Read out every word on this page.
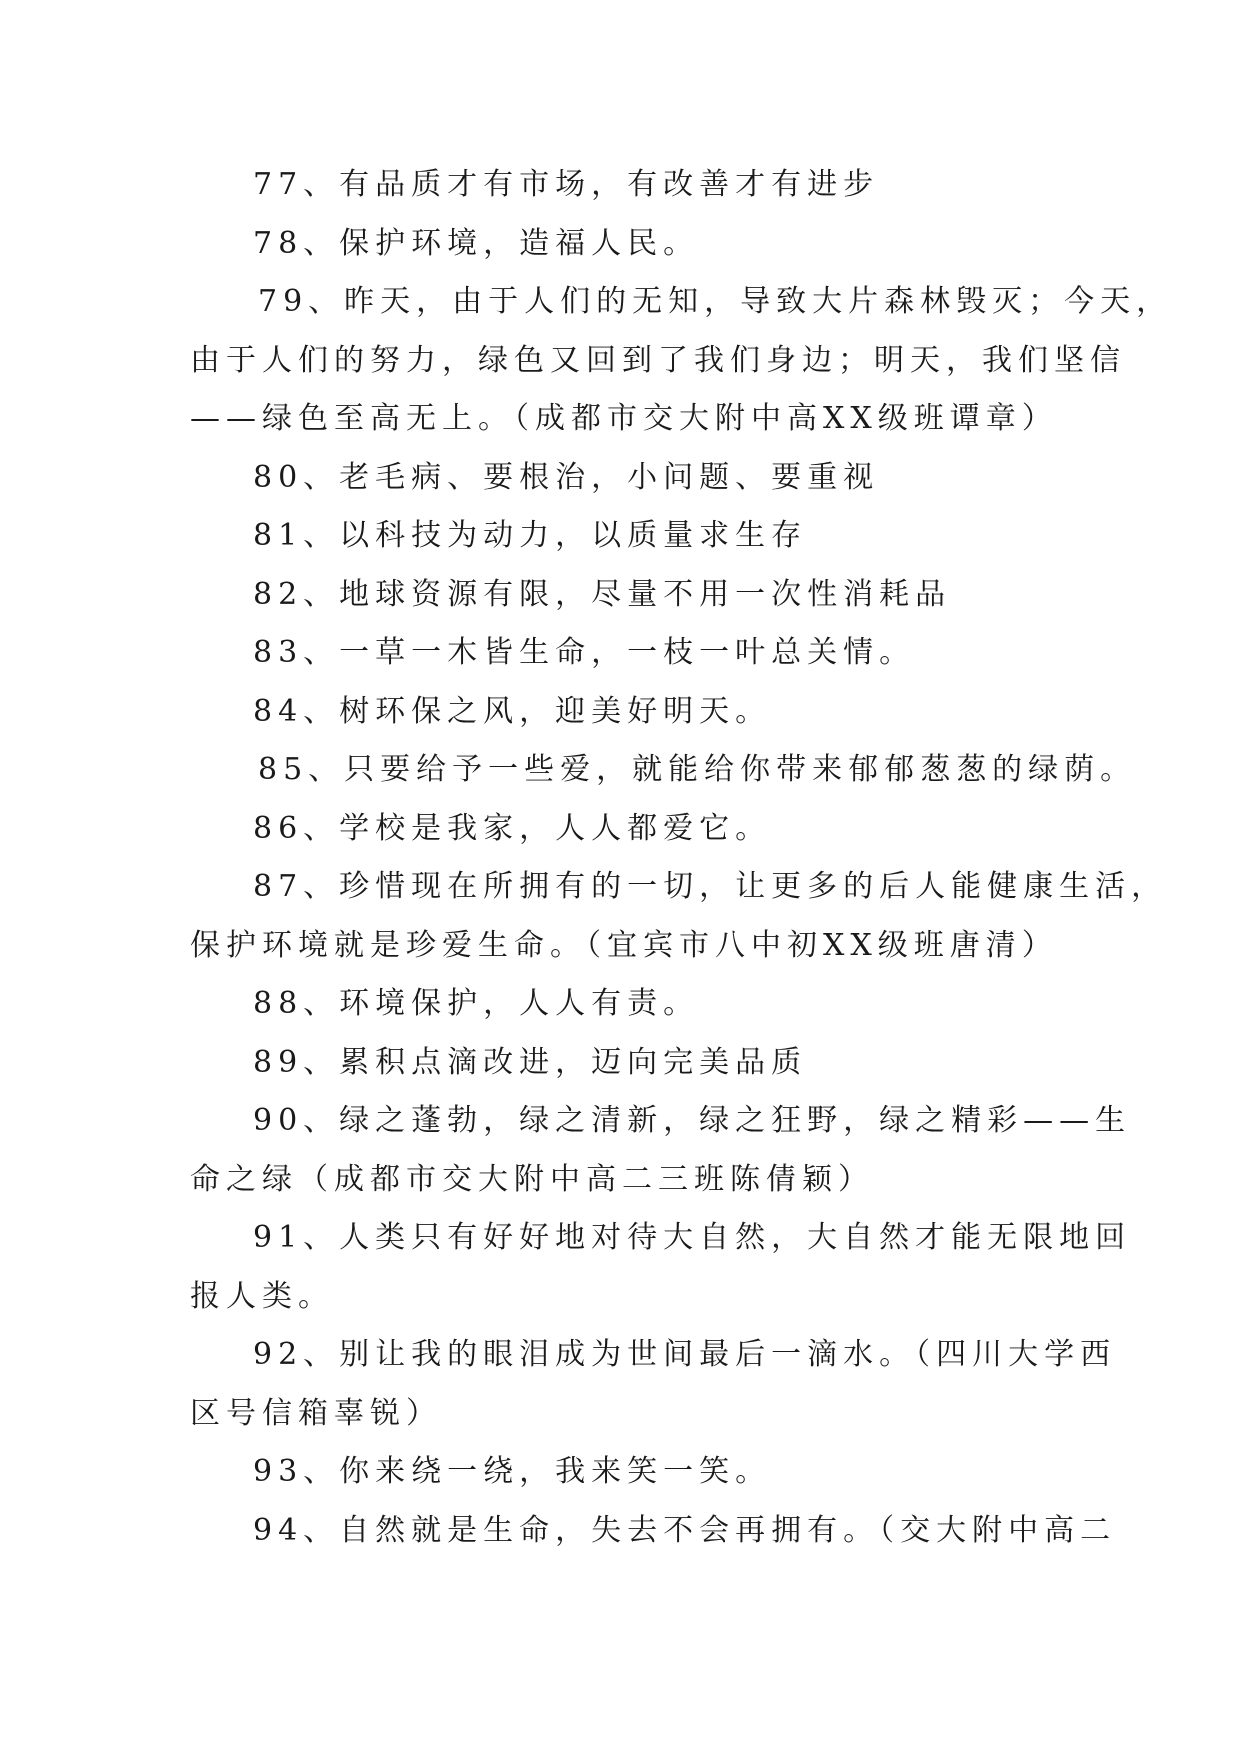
77、有品质才有市场，有改善才有进步
78、保护环境，造福人民。
79、昨天，由于人们的无知，导致大片森林毁灭；今天，
由于人们的努力，绿色又回到了我们身边；明天，我们坚信
——绿色至高无上。（成都市交大附中高XX级班谭章）
80、老毛病、要根治，小问题、要重视
81、以科技为动力，以质量求生存
82、地球资源有限，尽量不用一次性消耗品
83、一草一木皆生命，一枝一叶总关情。
84、树环保之风，迎美好明天。
85、只要给予一些爱，就能给你带来郁郁葱葱的绿荫。
86、学校是我家，人人都爱它。
87、珍惜现在所拥有的一切，让更多的后人能健康生活，
保护环境就是珍爱生命。（宜宾市八中初XX级班唐清）
88、环境保护，人人有责。
89、累积点滴改进，迈向完美品质
90、绿之蓬勃，绿之清新，绿之狂野，绿之精彩——生
命之绿（成都市交大附中高二三班陈倩颖）
91、人类只有好好地对待大自然，大自然才能无限地回
报人类。
92、别让我的眼泪成为世间最后一滴水。（四川大学西
区号信箱辜锐）
93、你来绕一绕，我来笑一笑。
94、自然就是生命，失去不会再拥有。（交大附中高二
